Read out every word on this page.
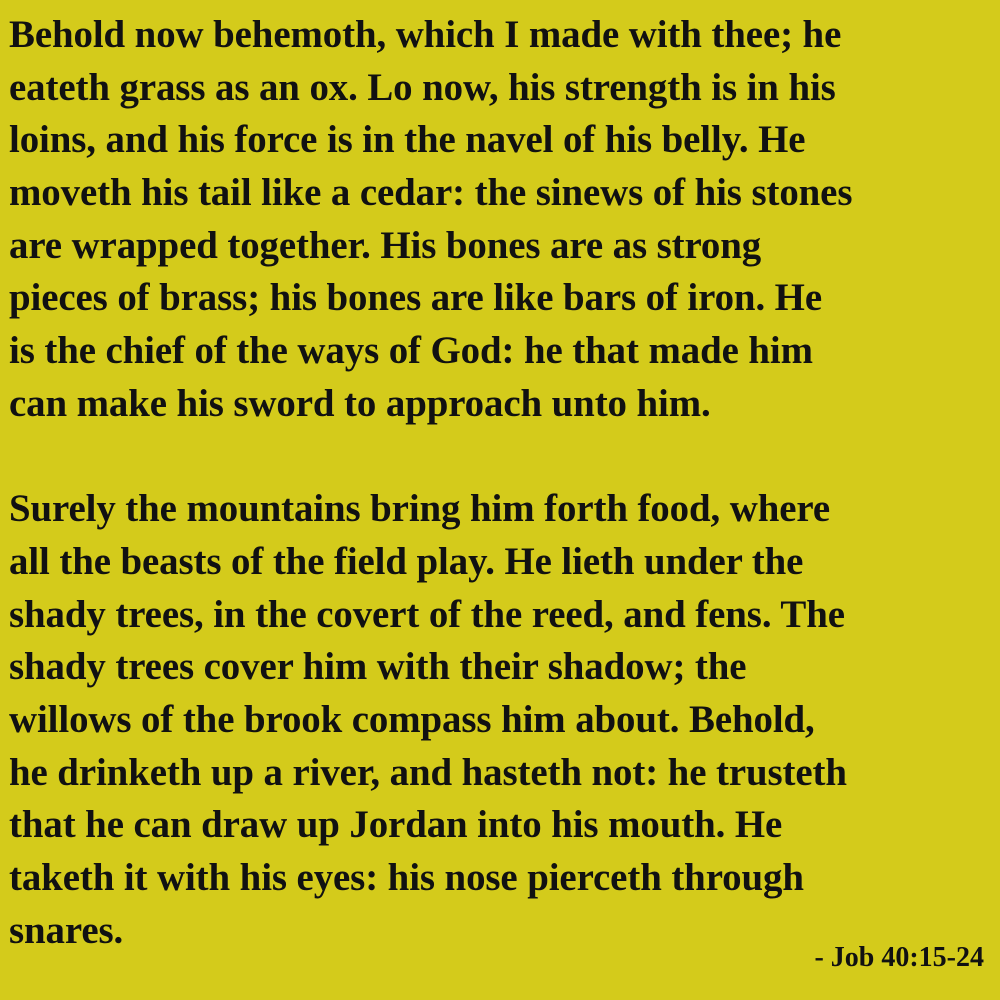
Behold now behemoth, which I made with thee; he
eateth grass as an ox. Lo now, his strength is in his
loins, and his force is in the navel of his belly. He
moveth his tail like a cedar: the sinews of his stones
are wrapped together. His bones are as strong
pieces of brass; his bones are like bars of iron. He
is the chief of the ways of God: he that made him
can make his sword to approach unto him.
Surely the mountains bring him forth food, where
all the beasts of the field play. He lieth under the
shady trees, in the covert of the reed, and fens. The
shady trees cover him with their shadow; the
willows of the brook compass him about. Behold,
he drinketh up a river, and hasteth not: he trusteth
that he can draw up Jordan into his mouth. He
taketh it with his eyes: his nose pierceth through
snares.
- Job 40:15-24
